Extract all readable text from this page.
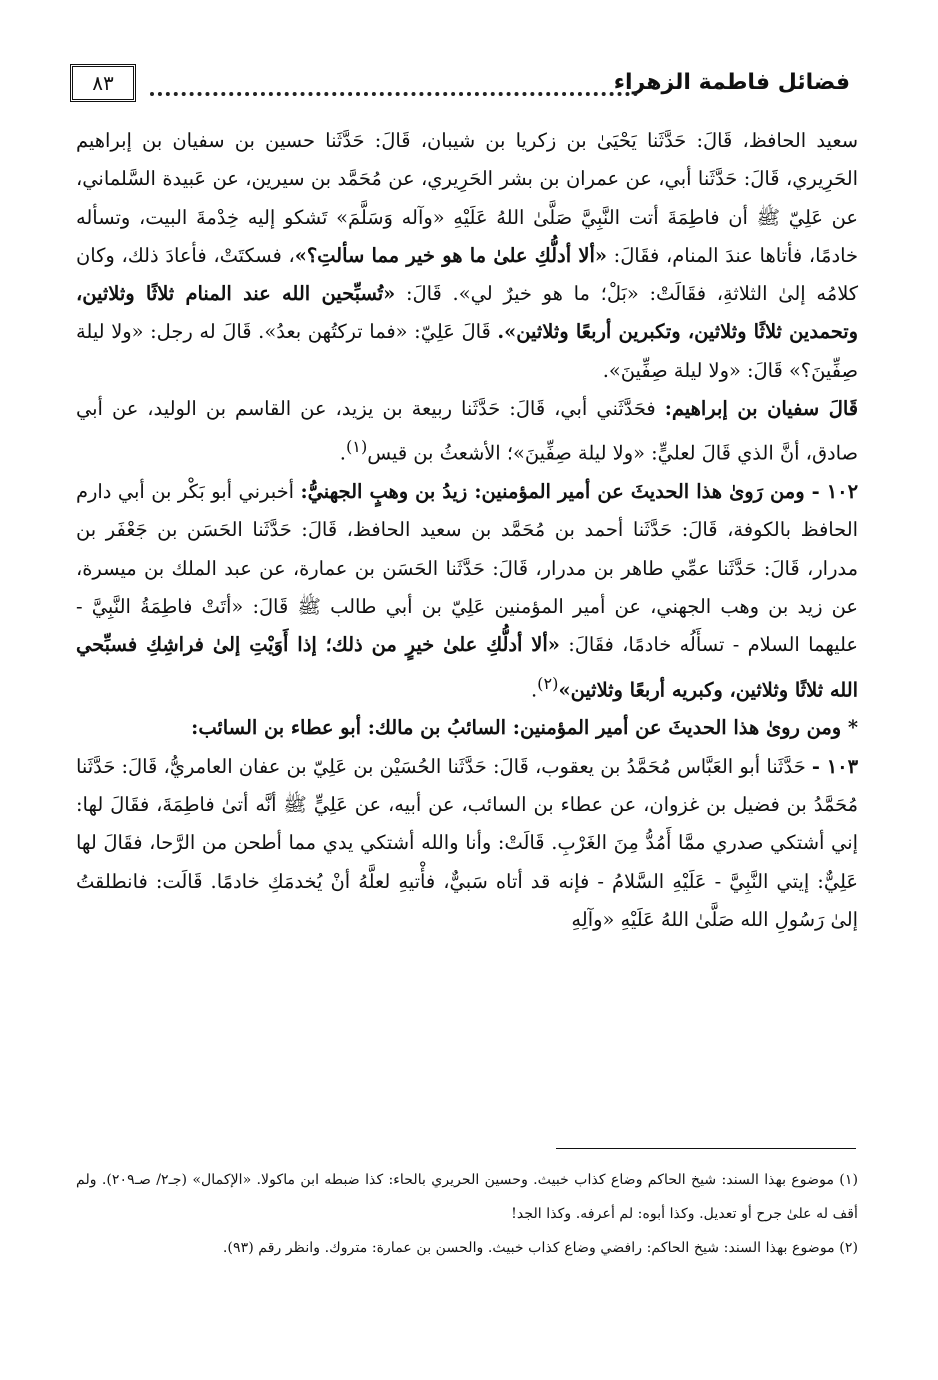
فضائل فاطمة الزهراء
٨٣

سعيد الحافظ، قَالَ: حَدَّثَنا يَحْيَىٰ بن زكريا بن شيبان، قَالَ: حَدَّثَنا حسين بن سفيان بن إبراهيم الحَرِيري، قَالَ: حَدَّثَنا أبي، عن عمران بن بشر الحَرِيري، عن مُحَمَّد بن سيرين، عن عَبيدة السَّلماني، عن عَلِيّ ﷺ أن فاطِمَةَ أتت النَّبِيَّ صَلَّىٰ اللهُ عَلَيْهِ «وآله وَسَلَّمَ» تَشكو إليه خِدْمةَ البيت، وتسأله خادمًا، فأتاها عندَ المنام، فقَالَ: «ألا أدلُّكِ علىٰ ما هو خير مما سألتِ؟»، فسكتَتْ، فأعادَ ذلك، وكان كلامُه إلىٰ الثلاثةِ، فقَالَتْ: «بَلْ؛ ما هو خيرٌ لي». قَالَ: «تُسبِّحين الله عند المنام ثلاثًا وثلاثين، وتحمدين ثلاثًا وثلاثين، وتكبرين أربعًا وثلاثين». قَالَ عَلِيّ: «فما تركتُهن بعدُ». قَالَ له رجل: «ولا ليلة صِفِّينَ؟» قَالَ: «ولا ليلة صِفِّينَ».

قَالَ سفيان بن إبراهيم: فحَدَّثَني أبي، قَالَ: حَدَّثَنا ربيعة بن يزيد، عن القاسم بن الوليد، عن أبي صادق، أنَّ الذي قَالَ لعليٍّ: «ولا ليلة صِفِّينَ»؛ الأشعثُ بن قيس$^{(١)}$.

١٠٢ - ومن رَوىٰ هذا الحديثَ عن أمير المؤمنين: زيدُ بن وهبٍ الجهنيُّ: أخبرني أبو بَكْر بن أبي دارم الحافظ بالكوفة، قَالَ: حَدَّثَنا أحمد بن مُحَمَّد بن سعيد الحافظ، قَالَ: حَدَّثَنا الحَسَن بن جَعْفَر بن مدرار، قَالَ: حَدَّثَنا عمِّي طاهر بن مدرار، قَالَ: حَدَّثَنا الحَسَن بن عمارة، عن عبد الملك بن ميسرة، عن زيد بن وهب الجهني، عن أمير المؤمنين عَلِيّ بن أبي طالب ﷺ قَالَ: «أتَتْ فاطِمَةُ النَّبِيَّ - عليهما السلام - تسأَلُه خادمًا، فقَالَ: «ألا أدلُّكِ علىٰ خيرٍ من ذلك؛ إذا أَوَيْتِ إلىٰ فراشِكِ فسبِّحي الله ثلاثًا وثلاثين، وكبريه أربعًا وثلاثين»$^{(٢)}$.

* ومن روىٰ هذا الحديثَ عن أمير المؤمنين: السائبُ بن مالك: أبو عطاء بن السائب:

١٠٣ - حَدَّثَنا أبو العَبَّاس مُحَمَّدُ بن يعقوب، قَالَ: حَدَّثَنا الحُسَيْن بن عَلِيّ بن عفان العامريُّ، قَالَ: حَدَّثَنا مُحَمَّدُ بن فضيل بن غزوان، عن عطاء بن السائب، عن أبيه، عن عَلِيٍّ ﷺ أنَّه أتىٰ فاطِمَةَ، فقَالَ لها: إني أشتكي صدري ممَّا أَمُدُّ مِنَ الغَرْبِ. قَالَتْ: وأنا والله أشتكي يدي مما أطحن من الرَّحا، فقَالَ لها عَلِيٌّ: إيتي النَّبِيَّ - عَلَيْهِ السَّلامُ - فإنه قد أتاه سَبيٌّ، فأْتيهِ لعلَّهُ أنْ يُخدمَكِ خادمًا. قَالَت: فانطلقتُ إلىٰ رَسُولِ الله صَلَّىٰ اللهُ عَلَيْهِ «وآلِهِ

(١) موضوع بهذا السند: شيخ الحاكم وضاع كذاب خبيث. وحسين الحريري بالحاء: كذا ضبطه ابن ماكولا. «الإكمال» (جـ٢/ صـ٢٠٩). ولم أقف له علىٰ جرح أو تعديل. وكذا أبوه: لم أعرفه. وكذا الجد!

(٢) موضوع بهذا السند: شيخ الحاكم: رافضي وضاع كذاب خبيث. والحسن بن عمارة: متروك. وانظر رقم (٩٣).
